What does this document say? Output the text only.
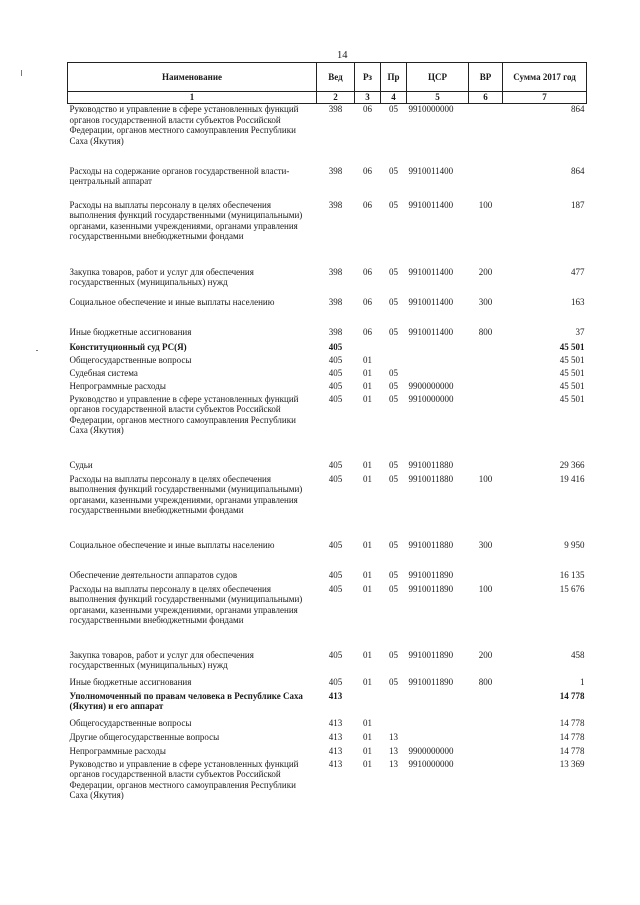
14
Наименование	Вед	Рз	Пр	ЦСР	ВР	Сумма 2017 год
1	2	3	4	5	6	7
Руководство и управление в сфере установленных функций органов государственной власти субъектов Российской Федерации, органов местного самоуправления Республики Саха (Якутия)	398	06	05	9910000000		864
Расходы на содержание органов государственной власти- центральный аппарат	398	06	05	9910011400		864
Расходы на выплаты персоналу в целях обеспечения выполнения функций государственными (муниципальными) органами, казенными учреждениями, органами управления государственными внебюджетными фондами	398	06	05	9910011400	100	187
Закупка товаров, работ и услуг для обеспечения государственных (муниципальных) нужд	398	06	05	9910011400	200	477
Социальное обеспечение и иные выплаты населению	398	06	05	9910011400	300	163
Иные бюджетные ассигнования	398	06	05	9910011400	800	37
Конституционный суд РС(Я)	405					45 501
Общегосударственные вопросы	405	01				45 501
Судебная система	405	01	05			45 501
Непрограммные расходы	405	01	05	9900000000		45 501
Руководство и управление в сфере установленных функций органов государственной власти субъектов Российской Федерации, органов местного самоуправления Республики Саха (Якутия)	405	01	05	9910000000		45 501
Судьи	405	01	05	9910011880		29 366
Расходы на выплаты персоналу в целях обеспечения выполнения функций государственными (муниципальными) органами, казенными учреждениями, органами управления государственными внебюджетными фондами	405	01	05	9910011880	100	19 416
Социальное обеспечение и иные выплаты населению	405	01	05	9910011880	300	9 950
Обеспечение деятельности аппаратов судов	405	01	05	9910011890		16 135
Расходы на выплаты персоналу в целях обеспечения выполнения функций государственными (муниципальными) органами, казенными учреждениями, органами управления государственными внебюджетными фондами	405	01	05	9910011890	100	15 676
Закупка товаров, работ и услуг для обеспечения государственных (муниципальных) нужд	405	01	05	9910011890	200	458
Иные бюджетные ассигнования	405	01	05	9910011890	800	1
Уполномоченный по правам человека в Республике Саха (Якутия) и его аппарат	413					14 778
Общегосударственные вопросы	413	01				14 778
Другие общегосударственные вопросы	413	01	13			14 778
Непрограммные расходы	413	01	13	9900000000		14 778
Руководство и управление в сфере установленных функций органов государственной власти субъектов Российской Федерации, органов местного самоуправления Республики Саха (Якутия)	413	01	13	9910000000		13 369
